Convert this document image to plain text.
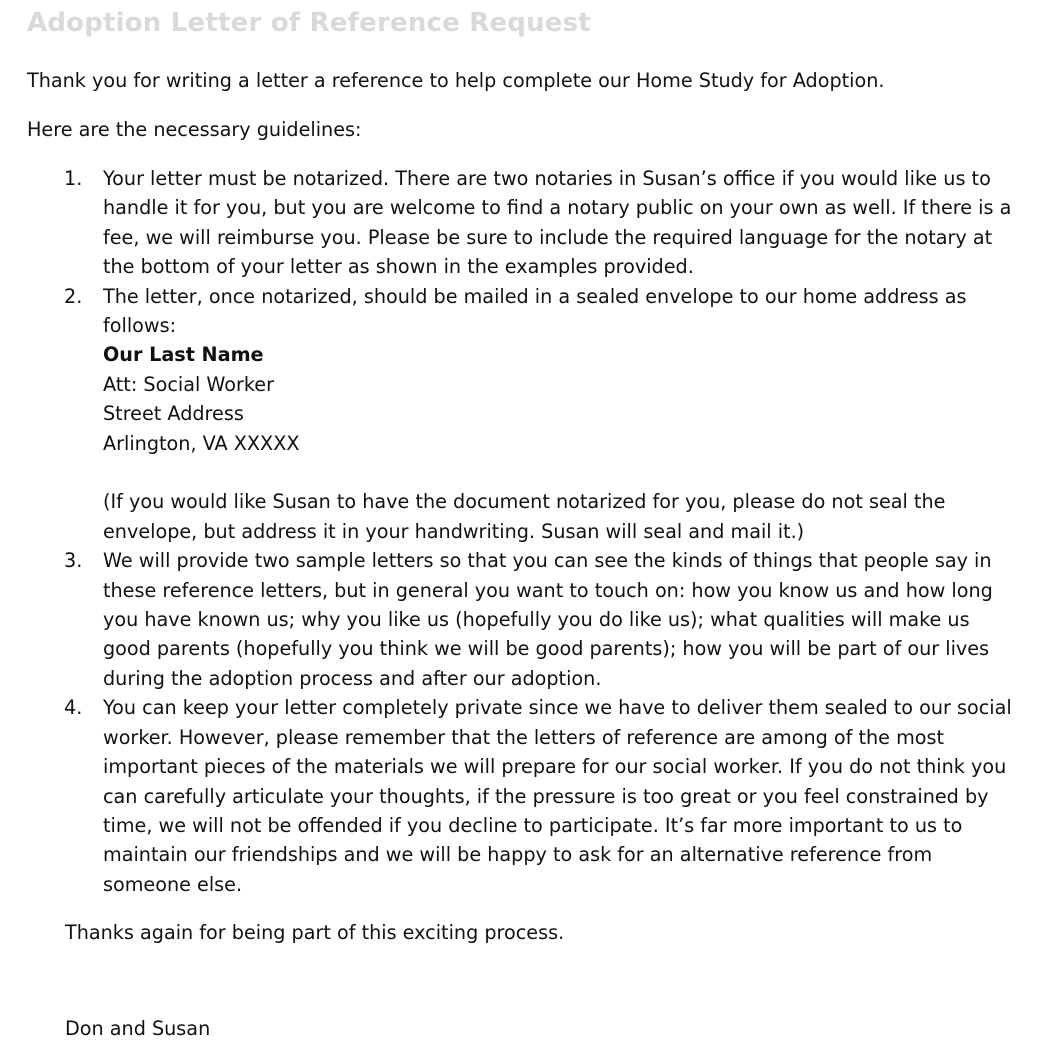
Adoption Letter of Reference Request
Thank you for writing a letter a reference to help complete our Home Study for Adoption.
Here are the necessary guidelines:
1. Your letter must be notarized. There are two notaries in Susan’s office if you would like us to handle it for you, but you are welcome to find a notary public on your own as well. If there is a fee, we will reimburse you. Please be sure to include the required language for the notary at the bottom of your letter as shown in the examples provided.
2. The letter, once notarized, should be mailed in a sealed envelope to our home address as follows:
Our Last Name
Att: Social Worker
Street Address
Arlington, VA XXXXX
(If you would like Susan to have the document notarized for you, please do not seal the envelope, but address it in your handwriting. Susan will seal and mail it.)
3. We will provide two sample letters so that you can see the kinds of things that people say in these reference letters, but in general you want to touch on: how you know us and how long you have known us; why you like us (hopefully you do like us); what qualities will make us good parents (hopefully you think we will be good parents); how you will be part of our lives during the adoption process and after our adoption.
4. You can keep your letter completely private since we have to deliver them sealed to our social worker. However, please remember that the letters of reference are among of the most important pieces of the materials we will prepare for our social worker. If you do not think you can carefully articulate your thoughts, if the pressure is too great or you feel constrained by time, we will not be offended if you decline to participate. It’s far more important to us to maintain our friendships and we will be happy to ask for an alternative reference from someone else.
Thanks again for being part of this exciting process.
Don and Susan
